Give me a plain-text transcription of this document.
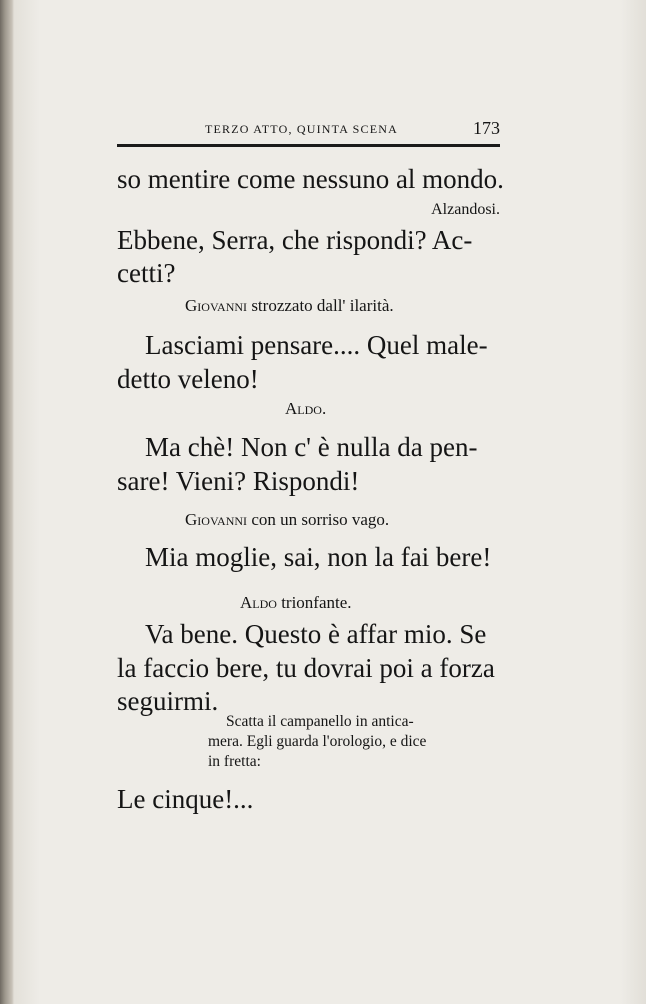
TERZO ATTO, QUINTA SCENA	173
so mentire come nessuno al mondo.
Alzandosi.
Ebbene, Serra, che rispondi? Ac-
cetti?
Giovanni strozzato dall' ilarità.
Lasciami pensare.... Quel male-
detto veleno!
Aldo.
Ma chè! Non c' è nulla da pen-
sare! Vieni? Rispondi!
Giovanni con un sorriso vago.
Mia moglie, sai, non la fai bere!
Aldo trionfante.
Va bene. Questo è affar mio. Se
la faccio bere, tu dovrai poi a forza
seguirmi.
Scatta il campanello in antica-
mera. Egli guarda l'orologio, e dice
in fretta:
Le cinque!...
